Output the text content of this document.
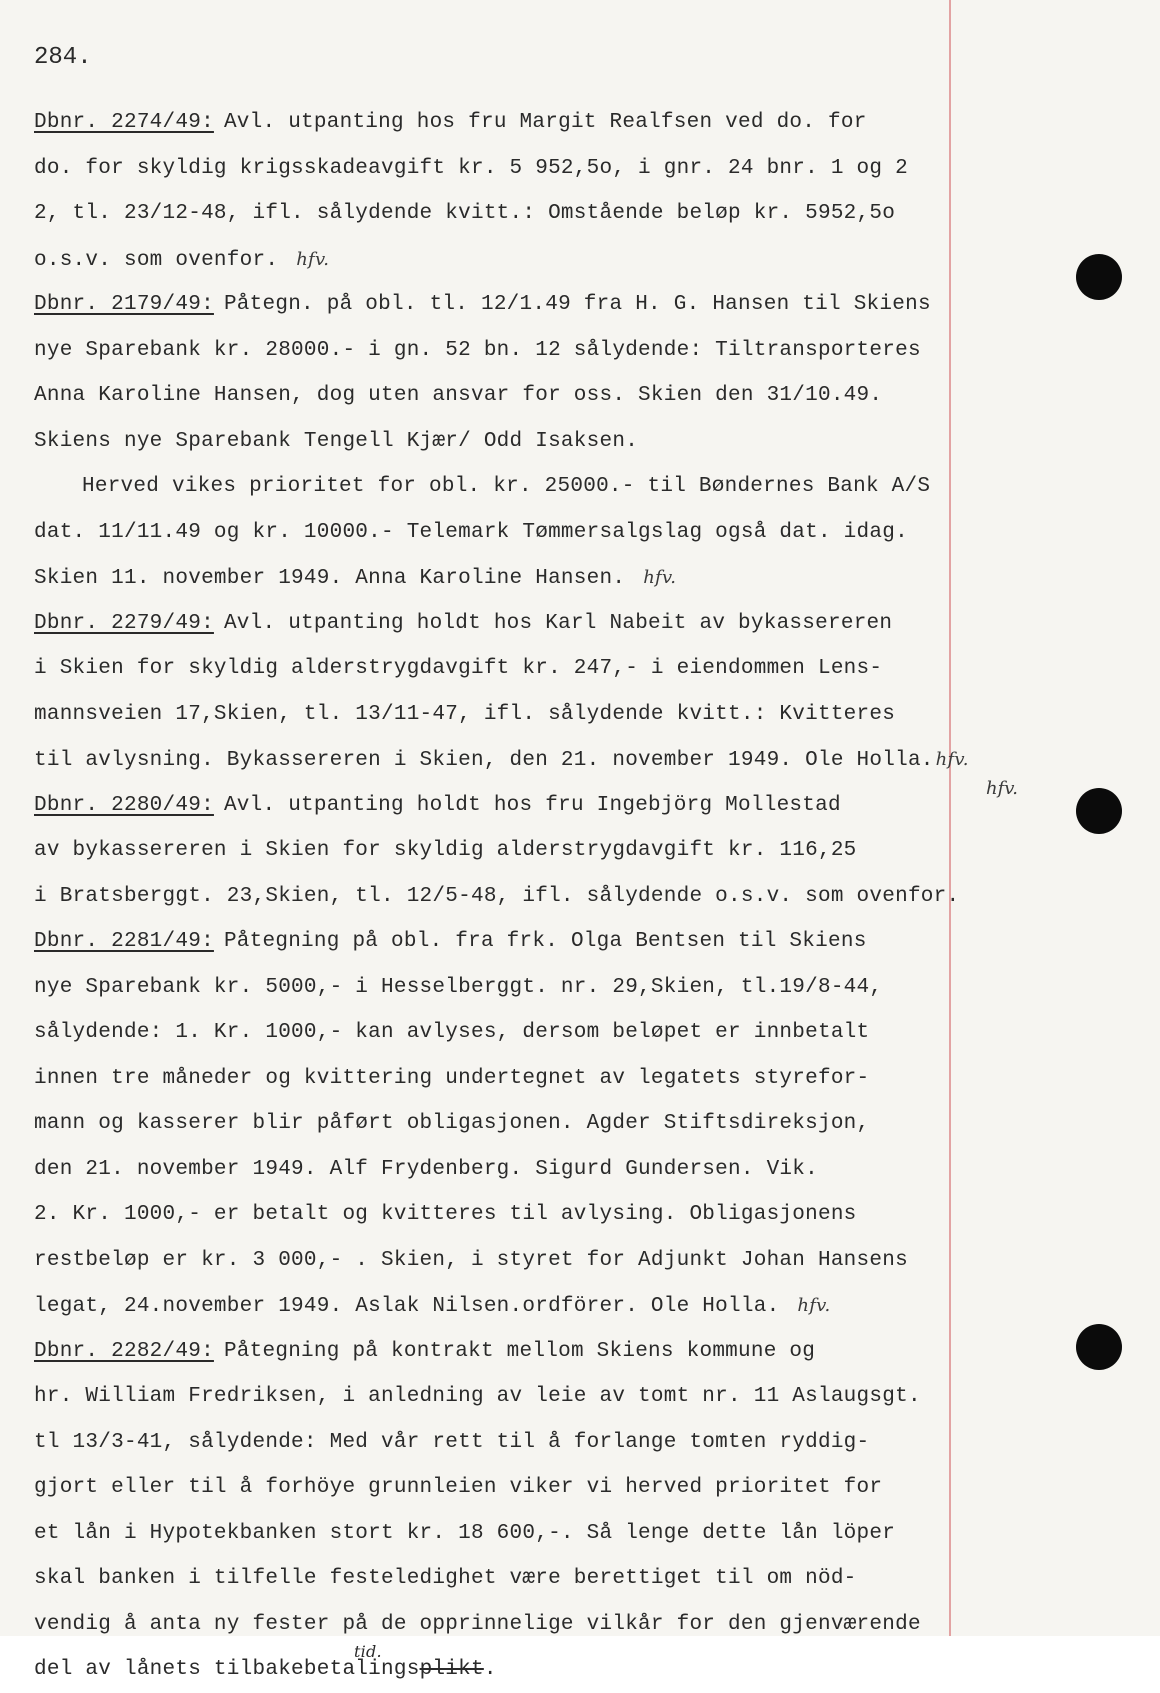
284.

Dbnr. 2274/49: Avl. utpanting hos fru Margit Realfsen ved do. for

do. for skyldig krigsskadeavgift kr. 5 952,5o, i gnr. 24 bnr. 1 og 2

2, tl. 23/12-48, ifl. sålydende kvitt.: Omstående beløp kr. 5952,5o

o.s.v. som ovenfor. hfv.

Dbnr. 2179/49: Påtegn. på obl. tl. 12/1.49 fra H. G. Hansen til Skiens

nye Sparebank kr. 28000.- i gn. 52 bn. 12 sålydende: Tiltransporteres

Anna Karoline Hansen, dog uten ansvar for oss. Skien den 31/10.49.

Skiens nye Sparebank Tengell Kjær/ Odd Isaksen.

Herved vikes prioritet for obl. kr. 25000.- til Bøndernes Bank A/S

dat. 11/11.49 og kr. 10000.- Telemark Tømmersalgslag også dat. idag.

Skien 11. november 1949. Anna Karoline Hansen. hfv.

Dbnr. 2279/49: Avl. utpanting holdt hos Karl Nabeit av bykassereren

i Skien for skyldig alderstrygdavgift kr. 247,- i eiendommen Lens-

mannsveien 17,Skien, tl. 13/11-47, ifl. sålydende kvitt.: Kvitteres

til avlysning. Bykassereren i Skien, den 21. november 1949. Ole Holla. hfv.

Dbnr. 2280/49: Avl. utpanting holdt hos fru Ingebjörg Mollestad

av bykassereren i Skien for skyldig alderstrygdavgift kr. 116,25

i Bratsberggt. 23,Skien, tl. 12/5-48, ifl. sålydende o.s.v. som ovenfor.

Dbnr. 2281/49: Påtegning på obl. fra frk. Olga Bentsen til Skiens

nye Sparebank kr. 5000,- i Hesselberggt. nr. 29,Skien, tl.19/8-44,

sålydende: 1. Kr. 1000,- kan avlyses, dersom beløpet er innbetalt

innen tre måneder og kvittering undertegnet av legatets styrefor-

mann og kasserer blir påført obligasjonen. Agder Stiftsdireksjon,

den 21. november 1949. Alf Frydenberg. Sigurd Gundersen. Vik.

2. Kr. 1000,- er betalt og kvitteres til avlysing. Obligasjonens

restbeløp er kr. 3 000,- . Skien, i styret for Adjunkt Johan Hansens

legat, 24.november 1949. Aslak Nilsen.ordförer. Ole Holla. hfv.

Dbnr. 2282/49: Påtegning på kontrakt mellom Skiens kommune og

hr. William Fredriksen, i anledning av leie av tomt nr. 11 Aslaugsgt.

tl 13/3-41, sålydende: Med vår rett til å forlange tomten ryddig-

gjort eller til å forhöye grunnleien viker vi herved prioritet for

et lån i Hypotekbanken stort kr. 18 600,-. Så lenge dette lån löper

skal banken i tilfelle festeledighet være berettiget til om nöd-

vendig å anta ny fester på de opprinnelige vilkår for den gjenværende

del av lånets tilbakebetalingsplikt.
tid.

hfv.
